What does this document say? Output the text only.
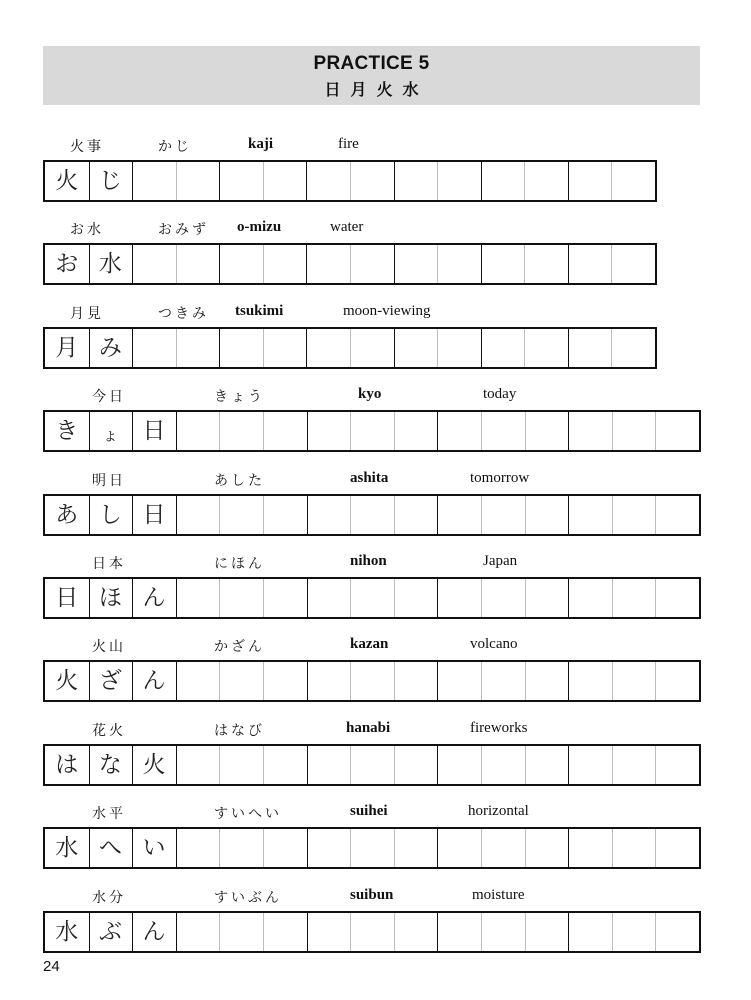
PRACTICE 5
日月火水
火事	かじ	kaji	fire
火 じ
お水	おみず o-mizu	water
お 水
月見	つきみ tsukimi	moon-viewing
月 み
今日	きょう	kyo	today
き	ょ	日
明日	あした	ashita	tomorrow
あ し 日
日本	にほん	nihon	Japan
日 ほ ん
火山	かざん	kazan	volcano
火 ざ ん
花火	はなび	hanabi	fireworks
は な 火
水平	すいへい	suihei	horizontal
水 へ い
水分	すいぶん	suibun	moisture
水 ぶ ん
24
